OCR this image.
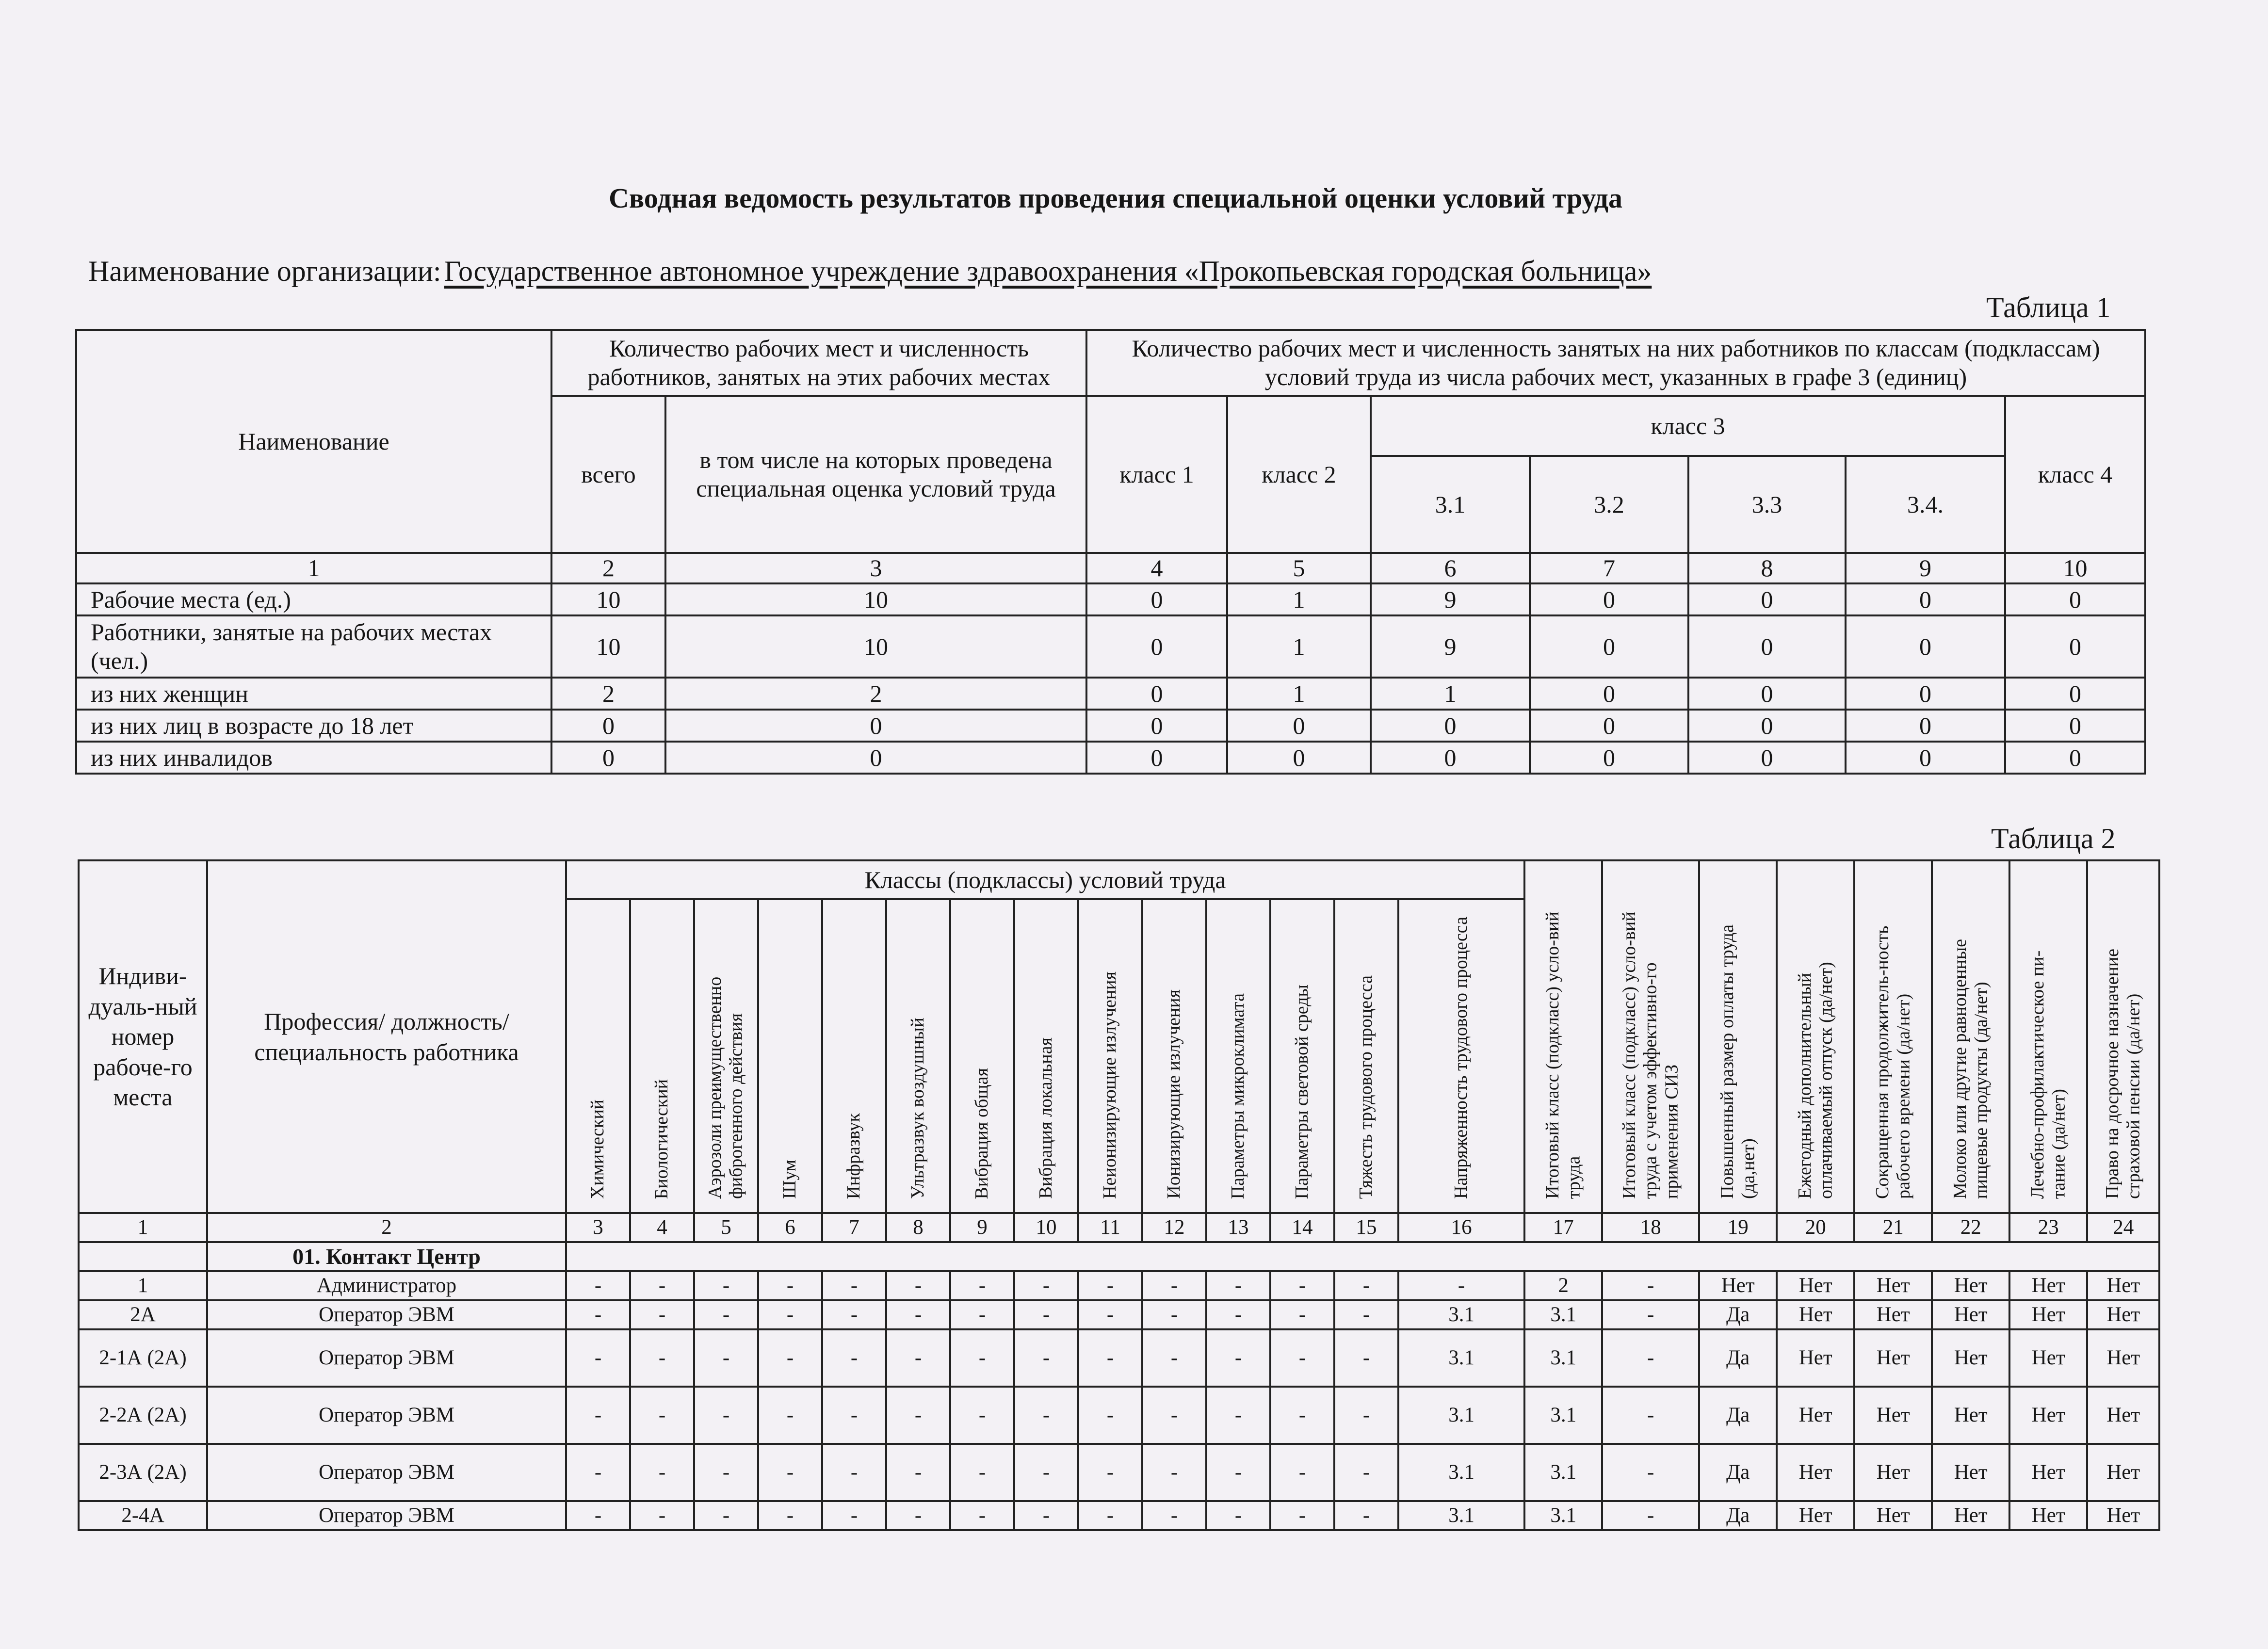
Сводная ведомость результатов проведения специальной оценки условий труда
Наименование организации: Государственное автономное учреждение здравоохранения «Прокопьевская городская больница»
Таблица 1
Наименование	Количество рабочих мест и численность работников, занятых на этих рабочих местах		Количество рабочих мест и численность занятых на них работников по классам (подклассам) условий труда из числа рабочих мест, указанных в графе 3 (единиц)						
	всего	в том числе на которых проведена специальная оценка условий труда	класс 1	класс 2	класс 3				класс 4
					3.1	3.2	3.3	3.4.	
1	2	3	4	5	6	7	8	9	10
Рабочие места (ед.)	10	10	0	1	9	0	0	0	0
Работники, занятые на рабочих местах (чел.)	10	10	0	1	9	0	0	0	0
из них женщин	2	2	0	1	1	0	0	0	0
из них лиц в возрасте до 18 лет	0	0	0	0	0	0	0	0	0
из них инвалидов	0	0	0	0	0	0	0	0	0
Таблица 2
Индиви-дуаль-ный номер рабоче-го места	Профессия/ должность/ специальность работника	Классы (подклассы) условий труда														Итоговый класс (подкласс) усло-вий труда	Итоговый класс (подкласс) усло-вий труда с учетом эффективно-го применения СИЗ	Повышенный размер оплаты труда (да,нет)	Ежегодный дополнительный оплачиваемый отпуск (да/нет)	Сокращенная продолжитель-ность рабочего времени (да/нет)	Молоко или другие равноценные пищевые продукты (да/нет)	Лечебно-профилактическое пи-тание (да/нет)	Право на досрочное назначение страховой пенсии (да/нет)
		Химический	Биологический	Аэрозоли преимущественно фиброгенного действия	Шум	Инфразвук	Ультразвук воздушный	Вибрация общая	Вибрация локальная	Неионизирующие излучения	Ионизирующие излучения	Параметры микроклимата	Параметры световой среды	Тяжесть трудового процесса	Напряженность трудового процесса								
1	2	3	4	5	6	7	8	9	10	11	12	13	14	15	16	17	18	19	20	21	22	23	24
	01. Контакт Центр																						
1	Администратор	-	-	-	-	-	-	-	-	-	-	-	-	-	-	2	-	Нет	Нет	Нет	Нет	Нет	Нет
2А	Оператор ЭВМ	-	-	-	-	-	-	-	-	-	-	-	-	-	3.1	3.1	-	Да	Нет	Нет	Нет	Нет	Нет
2-1А (2А)	Оператор ЭВМ	-	-	-	-	-	-	-	-	-	-	-	-	-	3.1	3.1	-	Да	Нет	Нет	Нет	Нет	Нет
2-2А (2А)	Оператор ЭВМ	-	-	-	-	-	-	-	-	-	-	-	-	-	3.1	3.1	-	Да	Нет	Нет	Нет	Нет	Нет
2-3А (2А)	Оператор ЭВМ	-	-	-	-	-	-	-	-	-	-	-	-	-	3.1	3.1	-	Да	Нет	Нет	Нет	Нет	Нет
2-4А	Оператор ЭВМ	-	-	-	-	-	-	-	-	-	-	-	-	-	3.1	3.1	-	Да	Нет	Нет	Нет	Нет	Нет
